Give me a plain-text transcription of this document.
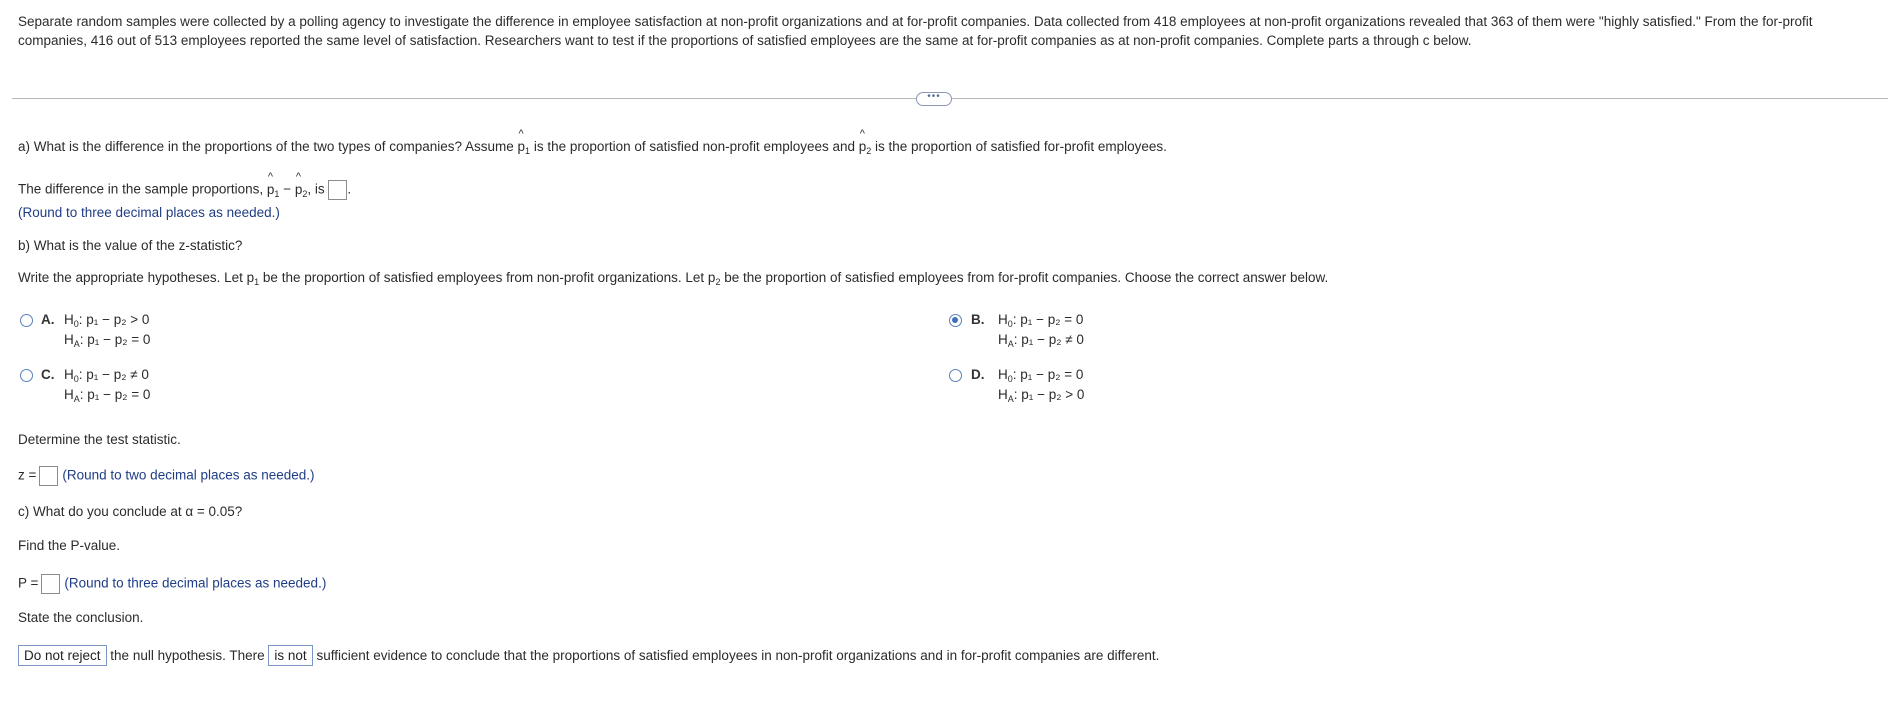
Separate random samples were collected by a polling agency to investigate the difference in employee satisfaction at non-profit organizations and at for-profit companies. Data collected from 418 employees at non-profit organizations revealed that 363 of them were "highly satisfied." From the for-profit companies, 416 out of 513 employees reported the same level of satisfaction. Researchers want to test if the proportions of satisfied employees are the same at for-profit companies as at non-profit companies. Complete parts a through c below.
•••
a) What is the difference in the proportions of the two types of companies? Assume ^ $p_1$ is the proportion of satisfied non-profit employees and ^ $p_2$ is the proportion of satisfied for-profit employees.
The difference in the sample proportions, ^ $p_1$ − ^ $p_2$, is .
(Round to three decimal places as needed.)
b) What is the value of the z-statistic?
Write the appropriate hypotheses. Let $p_1$ be the proportion of satisfied employees from non-profit organizations. Let $p_2$ be the proportion of satisfied employees from for-profit companies. Choose the correct answer below.
A. $H_0$: p₁ − p₂ > 0
$H_A$: p₁ − p₂ = 0
B. $H_0$: p₁ − p₂ = 0
$H_A$: p₁ − p₂ ≠ 0
C. $H_0$: p₁ − p₂ ≠ 0
$H_A$: p₁ − p₂ = 0
D. $H_0$: p₁ − p₂ = 0
$H_A$: p₁ − p₂ > 0
Determine the test statistic.
z = (Round to two decimal places as needed.)
c) What do you conclude at α = 0.05?
Find the P-value.
P = (Round to three decimal places as needed.)
State the conclusion.
Do not reject the null hypothesis. There is not sufficient evidence to conclude that the proportions of satisfied employees in non-profit organizations and in for-profit companies are different.
